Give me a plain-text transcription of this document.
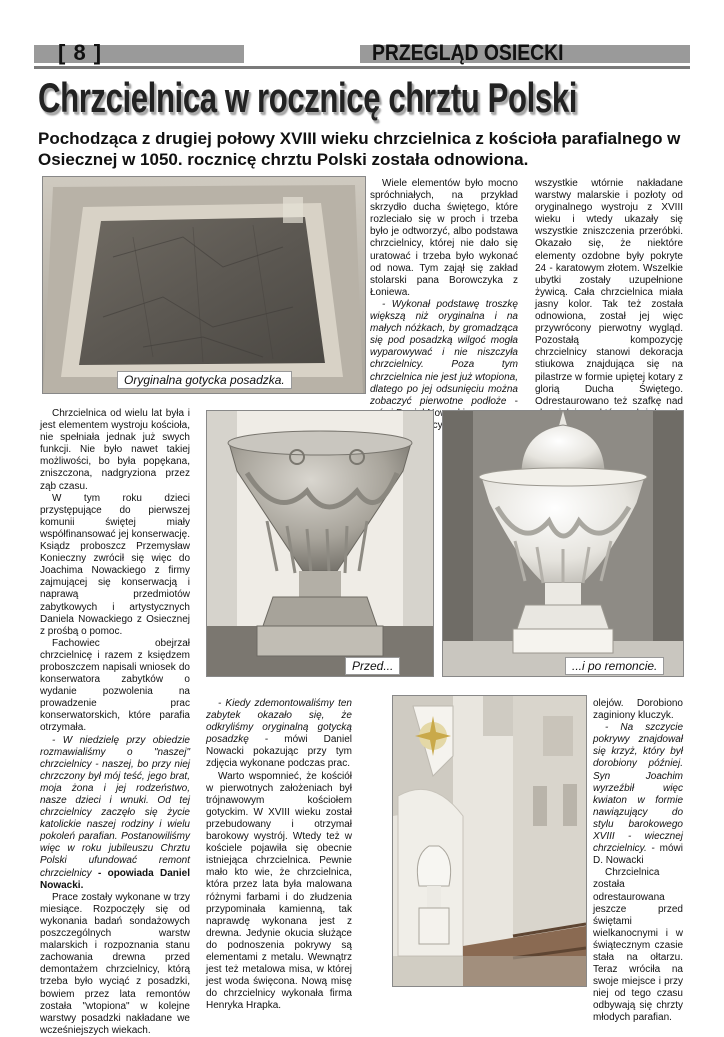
[ 8 ]	PRZEGLĄD OSIECKI
Chrzcielnica w rocznicę chrztu Polski
Pochodząca z drugiej połowy XVIII wieku chrzcielnica z kościoła parafialnego w Osiecznej w 1050. rocznicę chrztu Polski została odnowiona.
Oryginalna gotycka posadzka.

Wiele elementów było mocno spróchniałych, na przykład skrzydło ducha świętego, które rozleciało się w proch i trzeba było je odtworzyć, albo podstawa chrzcielnicy, której nie dało się uratować i trzeba było wykonać od nowa. Tym zajął się zakład stolarski pana Borowczyka z Łoniewa.

- Wykonał podstawę troszkę większą niż oryginalna i na małych nóżkach, by gromadząca się pod posadzką wilgoć mogła wyparowywać i nie niszczyła chrzcielnicy. Poza tym chrzcielnica nie jest już wtopiona, dlatego po jej odsunięciu można zobaczyć pierwotne podłoże -

wszystkie wtórnie nakładane warstwy malarskie i pozłoty od oryginalnego wystroju z XVIII wieku i wtedy ukazały się wszystkie zniszczenia przeróbki. Okazało się, że niektóre elementy ozdobne były pokryte 24 - karatowym złotem. Wszelkie ubytki zostały uzupełnione żywicą. Cała chrzcielnica miała jasny kolor. Tak też została odnowiona, został jej więc przywrócony pierwotny wygląd. Pozostałą kompozycję chrzcielnicy stanowi dekoracja stiukowa znajdująca się na pilastrze w formie upiętej kotary z glorią Ducha Świętego. Odrestaurowano też szafkę nad

Chrzcielnica od wielu lat była i jest elementem wystroju kościoła, nie spełniała jednak już swych funkcji. Nie było nawet takiej możliwości, bo była popękana, zniszczona, nadgryziona przez ząb czasu.

W tym roku dzieci przystępujące do pierwszej komunii świętej miały współfinansować jej konserwację. Ksiądz proboszcz Przemysław Konieczny zwrócił się więc do Joachima Nowackiego z firmy zajmującej się konserwacją i naprawą przedmiotów zabytkowych i artystycznych Daniela Nowackiego z Osiecznej z prośbą o pomoc.

Fachowiec obejrzał chrzcielnicę i razem z księdzem proboszczem napisali wniosek do konserwatora zabytków o wydanie pozwolenia na prowadzenie prac konserwatorskich, które parafia otrzymała.

- W niedzielę przy obiedzie rozmawialiśmy o "naszej" chrzcielnicy - naszej, bo przy niej chrzczony był mój teść, jego brat, moja żona i jej rodzeństwo, nasze dzieci i wnuki. Od tej chrzcielnicy zaczęło się życie katolickie naszej rodziny i wielu pokoleń parafian. Postanowiliśmy więc w roku jubileuszu Chrztu Polski ufundować remont chrzcielnicy - opowiada Daniel Nowacki.

Prace zostały wykonane w trzy miesiące. Rozpoczęły się od wykonania badań sondażowych poszczególnych warstw malarskich i rozpoznania stanu zachowania drewna przed demontażem chrzcielnicy, którą trzeba było wyciąć z posadzki, bowiem przez lata remontów została "wtopiona" w kolejne warstwy posadzki nakładane we wcześniejszych wiekach.

Przed...	...i po remoncie.

- Kiedy zdemontowaliśmy ten zabytek okazało się, że odkryliśmy oryginalną gotycką posadzkę - mówi Daniel Nowacki pokazując przy tym zdjęcia wykonane podczas prac.

Warto wspomnieć, że kościół w pierwotnych założeniach był trójnawowym kościołem gotyckim. W XVIII wieku został przebudowany i otrzymał barokowy wystrój. Wtedy też w kościele pojawiła się obecnie istniejąca chrzcielnica. Pewnie mało kto wie, że chrzcielnica, która przez lata była malowana różnymi farbami i do złudzenia przypominała kamienną, tak naprawdę wykonana jest z drewna. Jedynie okucia służące do podnoszenia pokrywy są elementami z metalu. Wewnątrz jest też metalowa misa, w której jest woda święcona. Nową misę do chrzcielnicy wykonała firma Henryka Hrapka.

olejów. Dorobiono zaginiony kluczyk.

- Na szczycie pokrywy znajdował się krzyż, który był dorobiony później. Syn Joachim wyrzeźbił więc kwiaton w formie nawiązujący do stylu barokowego XVIII - wiecznej chrzcielnicy. - mówi D. Nowacki

Chrzcielnica została odrestaurowana jeszcze przed świętami wielkanocnymi i w świątecznym czasie stała na ołtarzu. Teraz wróciła na swoje miejsce i przy niej od tego czasu odbywają się chrzty młodych parafian.
